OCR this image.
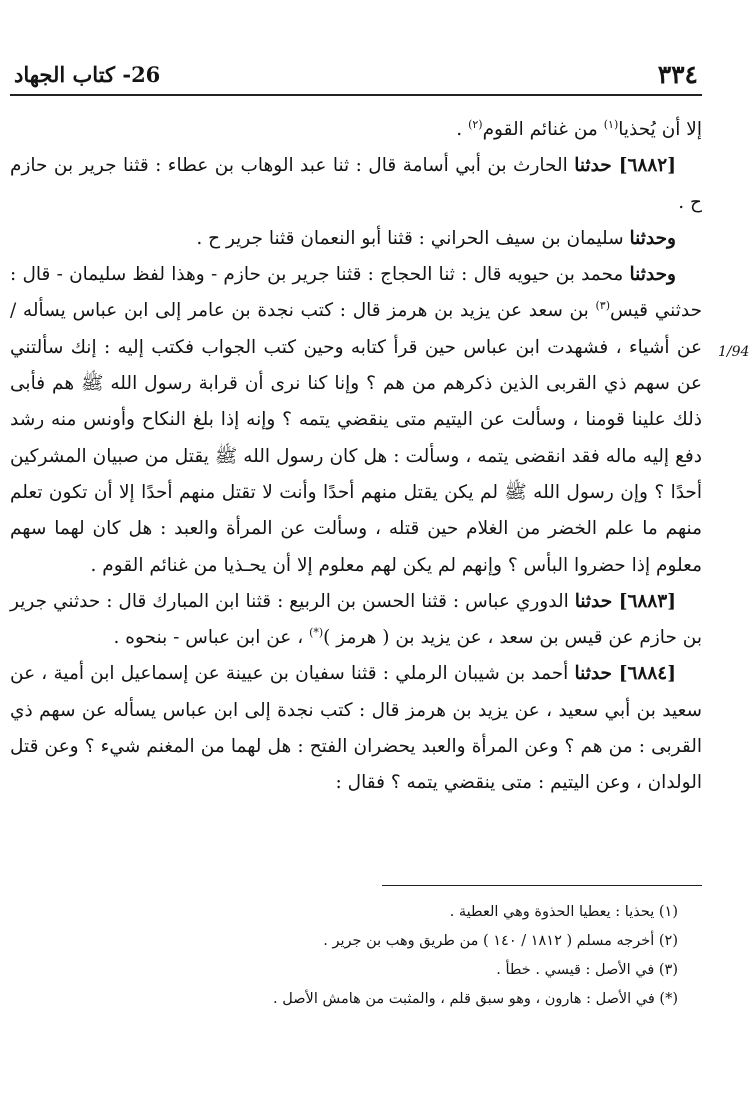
٣٣٤
26- كتاب الجهاد

إلا أن يُحذيا$^{(١)}$ من غنائم القوم$^{(٢)}$ .

[٦٨٨٢] حدثنا الحارث بن أبي أسامة قال : ثنا عبد الوهاب بن عطاء : قثنا جرير بن حازم ح .

وحدثنا سليمان بن سيف الحراني : قثنا أبو النعمان قثنا جرير ح .

وحدثنا محمد بن حيويه قال : ثنا الحجاج : قثنا جرير بن حازم - وهذا لفظ سليمان - قال : حدثني قيس$^{(٣)}$ بن سعد عن يزيد بن هرمز قال : كتب نجدة بن عامر إلى ابن عباس يسأله / عن أشياء ، فشهدت ابن عباس حين قرأ كتابه وحين كتب الجواب فكتب إليه : إنك سألتني عن سهم ذي القربى الذين ذكرهم من هم ؟ وإنا كنا نرى أن قرابة رسول الله ﷺ هم فأبى ذلك علينا قومنا ، وسألت عن اليتيم متى ينقضي يتمه ؟ وإنه إذا بلغ النكاح وأونس منه رشد دفع إليه ماله فقد انقضى يتمه ، وسألت : هل كان رسول الله ﷺ يقتل من صبيان المشركين أحدًا ؟ وإن رسول الله ﷺ لم يكن يقتل منهم أحدًا وأنت لا تقتل منهم أحدًا إلا أن تكون تعلم منهم ما علم الخضر من الغلام حين قتله ، وسألت عن المرأة والعبد : هل كان لهما سهم معلوم إذا حضروا البأس ؟ وإنهم لم يكن لهم معلوم إلا أن يحـذيا من غنائم القوم .

[٦٨٨٣] حدثنا الدوري عباس : قثنا الحسن بن الربيع : قثنا ابن المبارك قال : حدثني جرير بن حازم عن قيس بن سعد ، عن يزيد بن ( هرمز )(*) ، عن ابن عباس - بنحوه .

[٦٨٨٤] حدثنا أحمد بن شيبان الرملي : قثنا سفيان بن عيينة عن إسماعيل ابن أمية ، عن سعيد بن أبي سعيد ، عن يزيد بن هرمز قال : كتب نجدة إلى ابن عباس يسأله عن سهم ذي القربى : من هم ؟ وعن المرأة والعبد يحضران الفتح : هل لهما من المغنم شيء ؟ وعن قتل الولدان ، وعن اليتيم : متى ينقضي يتمه ؟ فقال :

1/94
(١) يحذيا : يعطيا الحذوة وهي العطية .
(٢) أخرجه مسلم ( ١٨١٢ / ١٤٠ ) من طريق وهب بن جرير .
(٣) في الأصل : قيسي . خطأ .
(*) في الأصل : هارون ، وهو سبق قلم ، والمثبت من هامش الأصل .
